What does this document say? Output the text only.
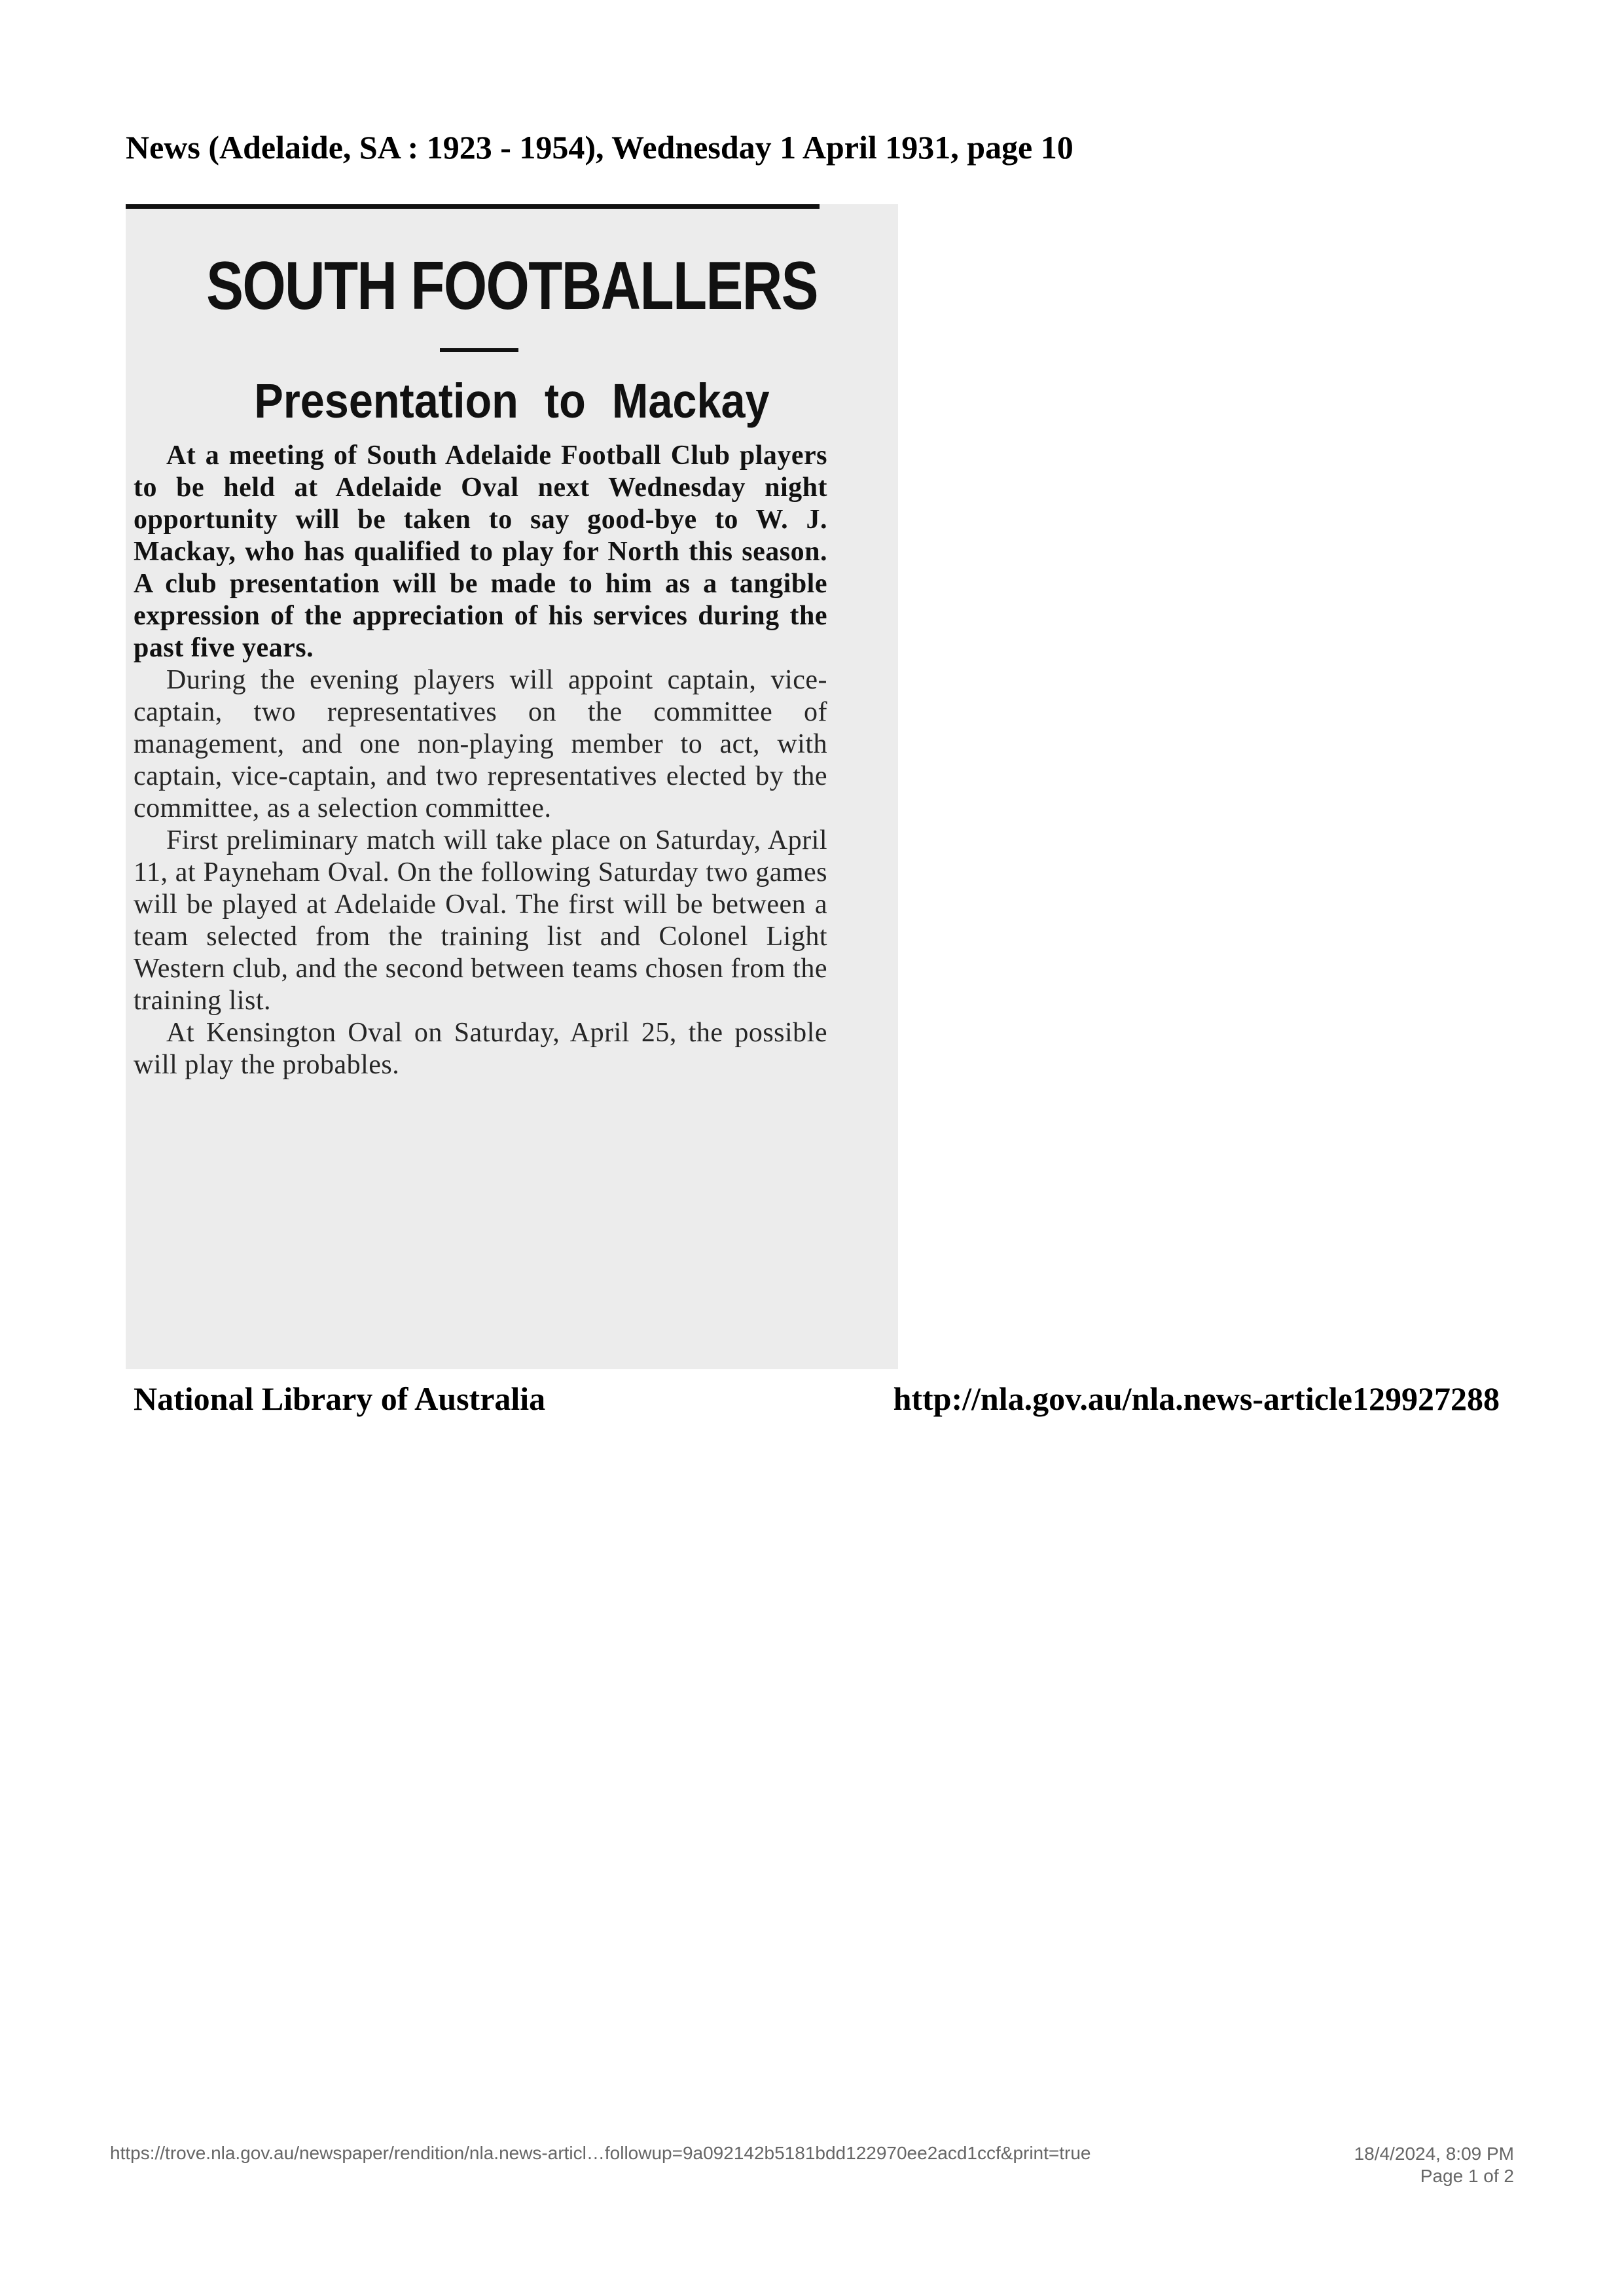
News (Adelaide, SA : 1923 - 1954), Wednesday 1 April 1931, page 10
SOUTH FOOTBALLERS
Presentation to Mackay

At a meeting of South Adelaide Football Club players to be held at Adelaide Oval next Wednesday night opportunity will be taken to say good-bye to W. J. Mackay, who has qualified to play for North this season. A club presentation will be made to him as a tangible expression of the appreciation of his services during the past five years.

During the evening players will appoint captain, vice-captain, two representatives on the committee of management, and one non-playing member to act, with captain, vice-captain, and two representatives elected by the committee, as a selection committee.

First preliminary match will take place on Saturday, April 11, at Payneham Oval. On the following Saturday two games will be played at Adelaide Oval. The first will be between a team selected from the training list and Colonel Light Western club, and the second between teams chosen from the training list.

At Kensington Oval on Saturday, April 25, the possible will play the probables.

National Library of Australia	http://nla.gov.au/nla.news-article129927288
https://trove.nla.gov.au/newspaper/rendition/nla.news-articl…followup=9a092142b5181bdd122970ee2acd1ccf&print=true	18/4/2024, 8:09 PM
Page 1 of 2
